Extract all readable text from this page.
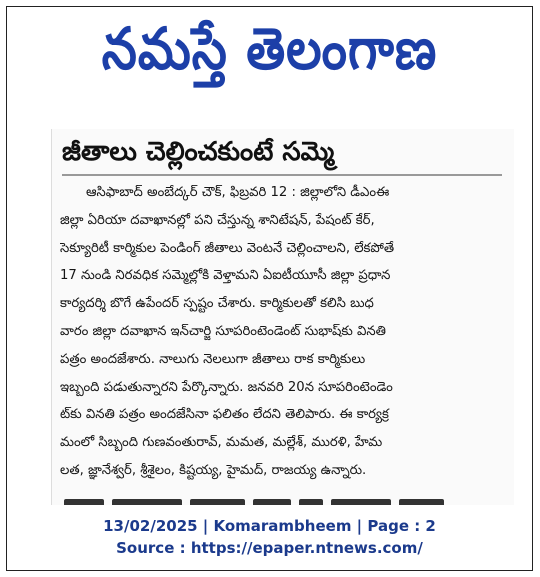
నమస్తే తెలంగాణ
జీతాలు చెల్లించకుంటే సమ్మె
ఆసిఫాబాద్ అంబేద్కర్ చౌక్, ఫిబ్రవరి 12 : జిల్లాలోని డీఎంఈ
జిల్లా ఏరియా దవాఖానల్లో పని చేస్తున్న శానిటేషన్, పేషంట్ కేర్,
సెక్యూరిటీ కార్మికుల పెండింగ్ జీతాలు వెంటనే చెల్లించాలని, లేకపోతే
17 నుండి నిరవధిక సమ్మెల్లోకి వెళ్తామని ఏఐటీయూసీ జిల్లా ప్రధాన
కార్యదర్శి బొగే ఉపేందర్ స్పష్టం చేశారు. కార్మికులతో కలిసి బుధ
వారం జిల్లా దవాఖాన ఇన్‌చార్జి సూపరింటెండెంట్ సుభాష్‌కు వినతి
పత్రం అందజేశారు. నాలుగు నెలలుగా జీతాలు రాక కార్మికులు
ఇబ్బంది పడుతున్నారని పేర్కొన్నారు. జనవరి 20న సూపరింటెండెం
ట్‌కు వినతి పత్రం అందజేసినా ఫలితం లేదని తెలిపారు. ఈ కార్యక్ర
మంలో సిబ్బంది గుణవంతురావ్, మమత, మల్లేశ్, మురళి, హేమ
లత, జ్ఞానేశ్వర్, శ్రీశైలం, కిష్టయ్య, హైమద్, రాజయ్య ఉన్నారు.
13/02/2025 | Komarambheem | Page : 2
Source : https://epaper.ntnews.com/
